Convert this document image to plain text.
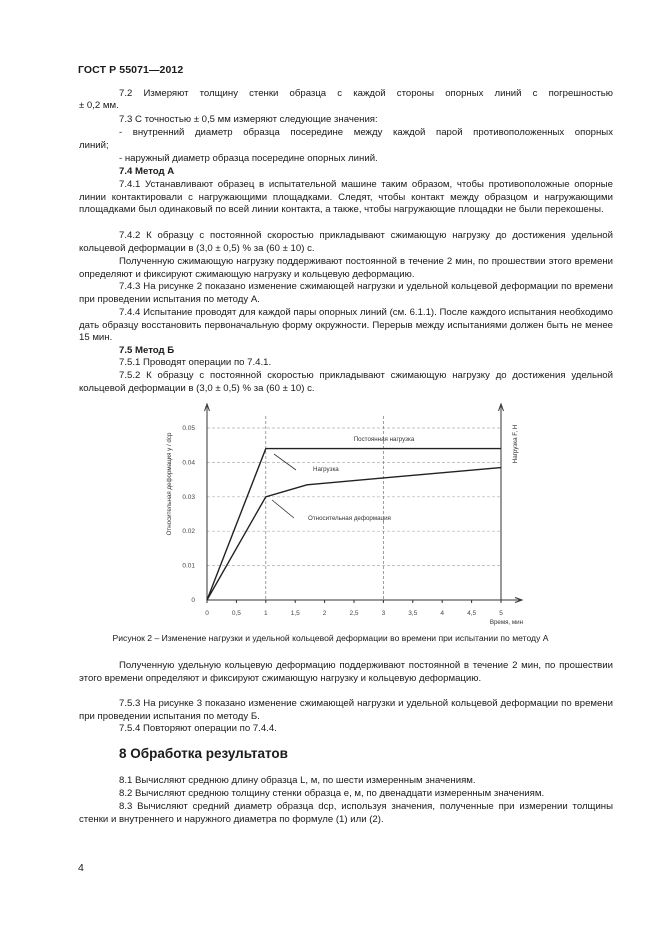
ГОСТ Р 55071—2012

7.2 Измеряют толщину стенки образца с каждой стороны опорных линий с погрешностью

± 0,2 мм.

7.3 С точностью ± 0,5 мм измеряют следующие значения:

- внутренний диаметр образца посередине между каждой парой противоположенных опорных

линий;

- наружный диаметр образца посередине опорных линий.

7.4 Метод А

7.4.1 Устанавливают образец в испытательной машине таким образом, чтобы противоположные опорные линии контактировали с нагружающими площадками. Следят, чтобы контакт между образцом и нагружающими площадками был одинаковый по всей линии контакта, а также, чтобы нагружающие площадки не были перекошены.

7.4.2 К образцу с постоянной скоростью прикладывают сжимающую нагрузку до достижения удельной кольцевой деформации в (3,0 ± 0,5) % за (60 ± 10) с.

Полученную сжимающую нагрузку поддерживают постоянной в течение 2 мин, по прошествии этого времени определяют и фиксируют сжимающую нагрузку и кольцевую деформацию.

7.4.3 На рисунке 2 показано изменение сжимающей нагрузки и удельной кольцевой деформации по времени при проведении испытания по методу А.

7.4.4 Испытание проводят для каждой пары опорных линий (см. 6.1.1). После каждого испытания необходимо дать образцу восстановить первоначальную форму окружности. Перерыв между испытаниями должен быть не менее 15 мин.

7.5 Метод Б

7.5.1 Проводят операции по 7.4.1.

7.5.2 К образцу с постоянной скоростью прикладывают сжимающую нагрузку до достижения удельной кольцевой деформации в (3,0 ± 0,5) % за (60 ± 10) с.

0
0.01
0.02
0.03
0.04
0.05
0	0,5	1	1,5	2	2,5	3	3,5	4	4,5	5
Время, мин
Относительная деформация y / dср	Нагрузка F, Н
Постоянная нагрузка
Нагрузка
Относительная деформация
Рисунок 2 – Изменение нагрузки и удельной кольцевой деформации во времени при испытании по методу А

Полученную удельную кольцевую деформацию поддерживают постоянной в течение 2 мин, по прошествии этого времени определяют и фиксируют сжимающую нагрузку и кольцевую деформацию.

7.5.3 На рисунке 3 показано изменение сжимающей нагрузки и удельной кольцевой деформации по времени при проведении испытания по методу Б.

7.5.4 Повторяют операции по 7.4.4.

8 Обработка результатов

8.1 Вычисляют среднюю длину образца L, м, по шести измеренным значениям.

8.2 Вычисляют среднюю толщину стенки образца e, м, по двенадцати измеренным значениям.

8.3 Вычисляют средний диаметр образца dср, используя значения, полученные при измерении толщины стенки и внутреннего и наружного диаметра по формуле (1) или (2).

4
